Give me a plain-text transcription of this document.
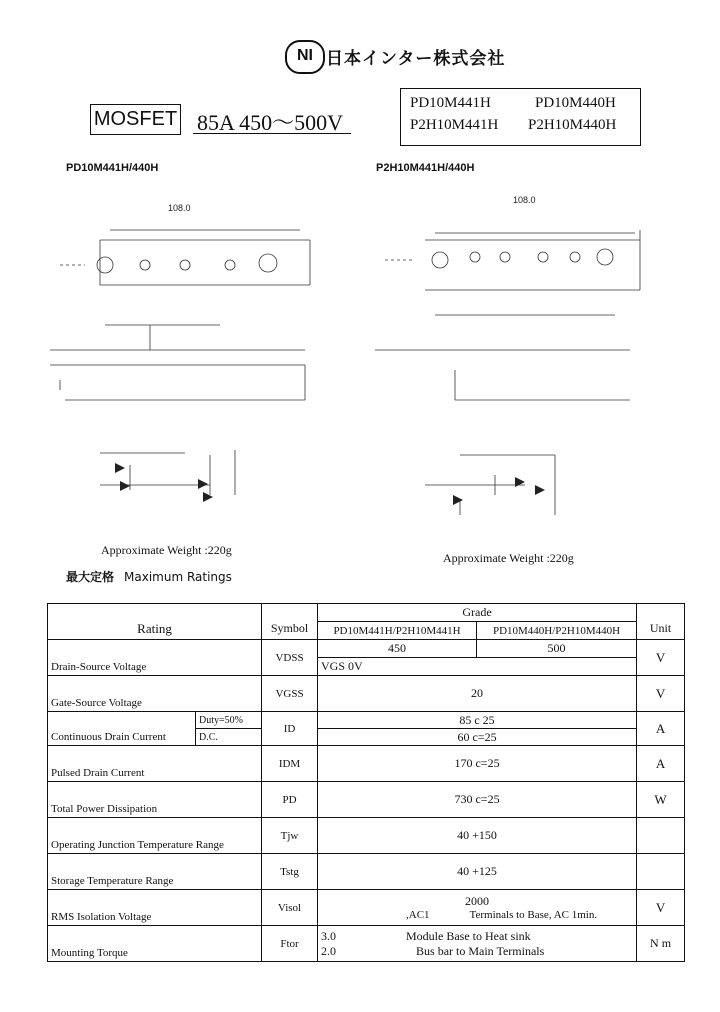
NI 日本インター株式会社
MOSFET 85A 450～500V
PD10M441H	PD10M440H
P2H10M441H P2H10M440H
PD10M441H/440H	P2H10M441H/440H
108.0
108.0
Approximate Weight :220g
Approximate Weight :220g
最大定格 Maximum Ratings
Rating		Symbol	Grade		Unit
			PD10M441H/P2H10M441H	PD10M440H/P2H10M440H	
Drain-Source Voltage		VDSS	450	500	V
			VGS 0V		
Gate-Source Voltage		VGSS	20		V
Continuous Drain Current	Duty=50%	ID	85 c 25		A
	D.C.		60 c=25		
Pulsed Drain Current		IDM	170 c=25		A
Total Power Dissipation		PD	730 c=25		W
Operating Junction Temperature Range		Tjw	40 +150		
Storage Temperature Range		Tstg	40 +125		
RMS Isolation Voltage		Visol	2000
,AC1 Terminals to Base, AC 1min.		V
Mounting Torque		Ftor	3.0 Module Base to Heat sink
2.0 Bus bar to Main Terminals		N m
